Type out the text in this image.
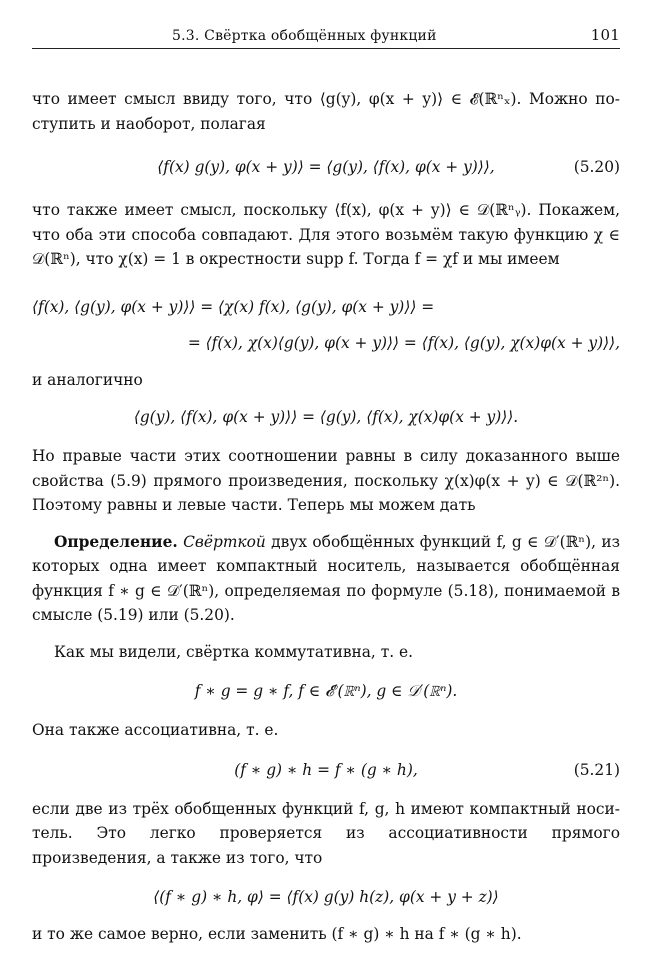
5.3. Свёртка обобщённых функций	101

что имеет смысл ввиду того, что ⟨g(y), φ(x + y)⟩ ∈ 𝓔(ℝⁿₓ). Можно по-ступить и наоборот, полагая

⟨f(x) g(y), φ(x + y)⟩ = ⟨g(y), ⟨f(x), φ(x + y)⟩⟩,	(5.20)

что также имеет смысл, поскольку ⟨f(x), φ(x + y)⟩ ∈ 𝒟(ℝⁿᵧ). Покажем, что оба эти способа совпадают. Для этого возьмём такую функцию χ ∈ 𝒟(ℝⁿ), что χ(x) = 1 в окрестности supp f. Тогда f = χf и мы имеем

⟨f(x), ⟨g(y), φ(x + y)⟩⟩ = ⟨χ(x) f(x), ⟨g(y), φ(x + y)⟩⟩ =
= ⟨f(x), χ(x)⟨g(y), φ(x + y)⟩⟩ = ⟨f(x), ⟨g(y), χ(x)φ(x + y)⟩⟩,

и аналогично

⟨g(y), ⟨f(x), φ(x + y)⟩⟩ = ⟨g(y), ⟨f(x), χ(x)φ(x + y)⟩⟩.

Но правые части этих соотношении равны в силу доказанного выше свойства (5.9) прямого произведения, поскольку χ(x)φ(x + y) ∈ 𝒟(ℝ²ⁿ). Поэтому равны и левые части. Теперь мы можем дать

Определение. Свёрткой двух обобщённых функций f, g ∈ 𝒟′(ℝⁿ), из которых одна имеет компактный носитель, называется обобщённая функция f ∗ g ∈ 𝒟′(ℝⁿ), определяемая по формуле (5.18), понимаемой в смысле (5.19) или (5.20).

Как мы видели, свёртка коммутативна, т. е.

f ∗ g = g ∗ f, f ∈ 𝓔′(ℝⁿ), g ∈ 𝒟′(ℝⁿ).

Она также ассоциативна, т. е.

(f ∗ g) ∗ h = f ∗ (g ∗ h),	(5.21)

если две из трёх обобщенных функций f, g, h имеют компактный носи-тель. Это легко проверяется из ассоциативности прямого произведения, а также из того, что

⟨(f ∗ g) ∗ h, φ⟩ = ⟨f(x) g(y) h(z), φ(x + y + z)⟩

и то же самое верно, если заменить (f ∗ g) ∗ h на f ∗ (g ∗ h).
